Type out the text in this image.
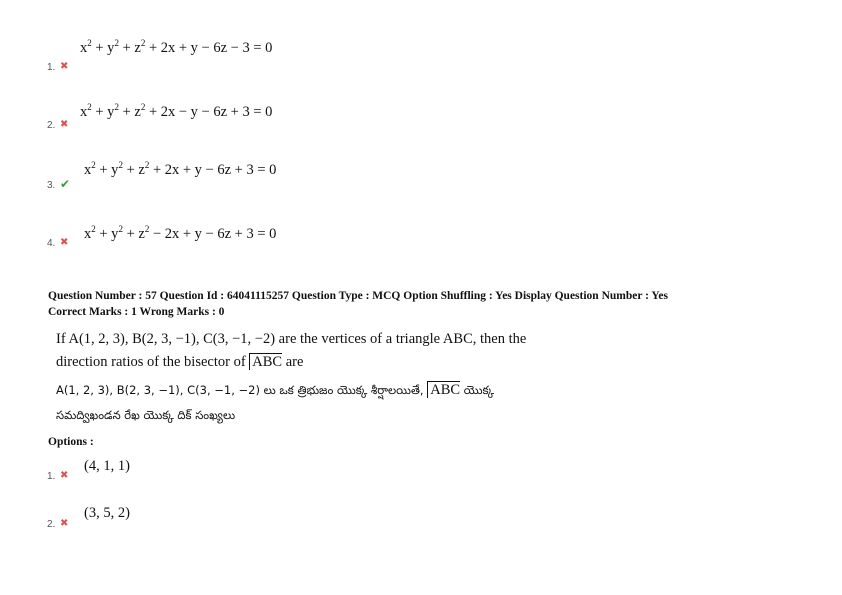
$x^2 + y^2 + z^2 + 2x + y - 6z - 3 = 0$
1. ✖
$x^2 + y^2 + z^2 + 2x - y - 6z + 3 = 0$
2. ✖
$x^2 + y^2 + z^2 + 2x + y - 6z + 3 = 0$
3. ✔
$x^2 + y^2 + z^2 - 2x + y - 6z + 3 = 0$
4. ✖
Question Number : 57 Question Id : 64041115257 Question Type : MCQ Option Shuffling : Yes Display Question Number : Yes
Correct Marks : 1 Wrong Marks : 0
If A(1, 2, 3), B(2, 3, −1), C(3, −1, −2) are the vertices of a triangle ABC, then the
direction ratios of the bisector of ABC are
A(1, 2, 3), B(2, 3, −1), C(3, −1, −2) లు ఒక త్రిభుజం యొక్క శీర్షాలయితే, ABC యొక్క
సమద్విఖండన రేఖ యొక్క దిక్ సంఖ్యలు
Options :
(4, 1, 1)
1. ✖
(3, 5, 2)
2. ✖
